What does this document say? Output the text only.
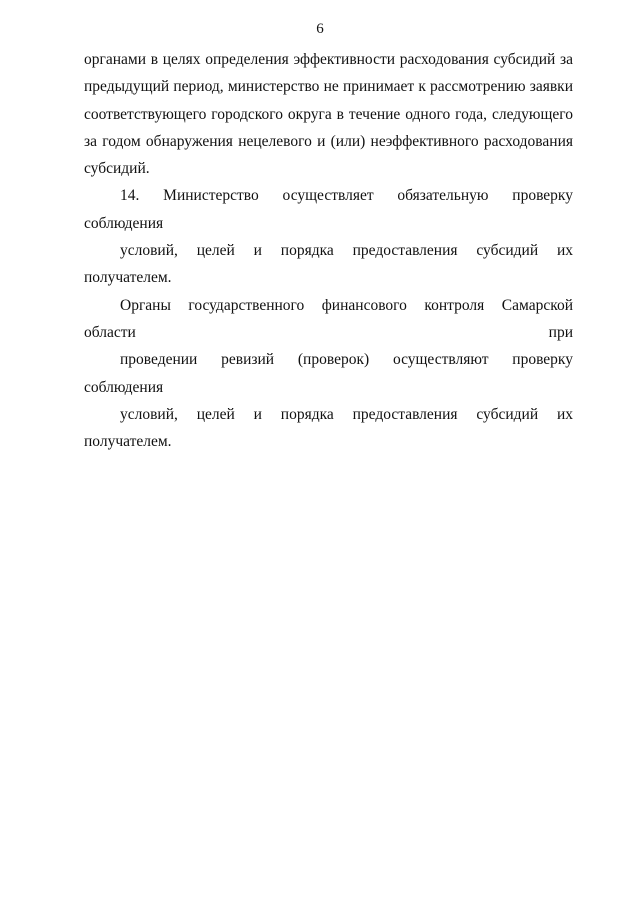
6

органами в целях определения эффективности расходования субсидий за
предыдущий период, министерство не принимает к рассмотрению заявки
соответствующего городского округа в течение одного года, следующего
за годом обнаружения нецелевого и (или) неэффективного расходования
субсидий.

14. Министерство осуществляет обязательную проверку соблюдения
условий, целей и порядка предоставления субсидий их получателем.
Органы государственного финансового контроля Самарской области при
проведении ревизий (проверок) осуществляют проверку соблюдения
условий, целей и порядка предоставления субсидий их получателем.
